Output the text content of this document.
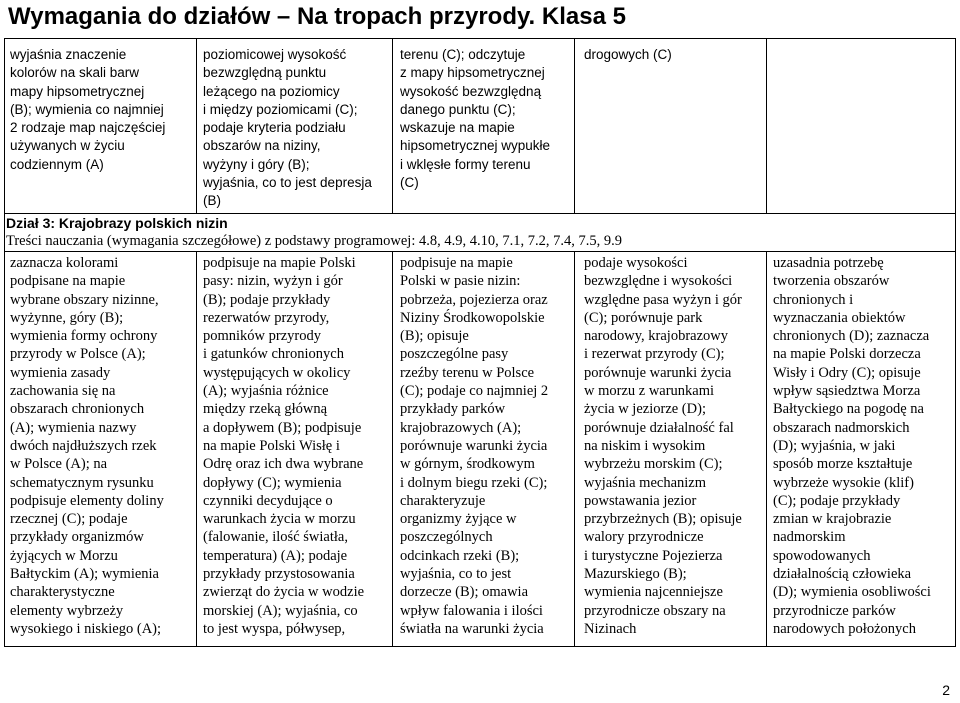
Wymagania do działów – Na tropach przyrody. Klasa 5
wyjaśnia znaczenie
kolorów na skali barw
mapy hipsometrycznej
(B); wymienia co najmniej
2 rodzaje map najczęściej
używanych w życiu
codziennym (A)
poziomicowej wysokość
bezwzględną punktu
leżącego na poziomicy
i między poziomicami (C);
podaje kryteria podziału
obszarów na niziny,
wyżyny i góry (B);
wyjaśnia, co to jest depresja
(B)
terenu (C); odczytuje
z mapy hipsometrycznej
wysokość bezwzględną
danego punktu (C);
wskazuje na mapie
hipsometrycznej wypukłe
i wklęsłe formy terenu
(C)
drogowych (C)
Dział 3: Krajobrazy polskich nizin
Treści nauczania (wymagania szczegółowe) z podstawy programowej: 4.8, 4.9, 4.10, 7.1, 7.2, 7.4, 7.5, 9.9
zaznacza kolorami
podpisane na mapie
wybrane obszary nizinne,
wyżynne, góry (B);
wymienia formy ochrony
przyrody w Polsce (A);
wymienia zasady
zachowania się na
obszarach chronionych
(A); wymienia nazwy
dwóch najdłuższych rzek
w Polsce (A); na
schematycznym rysunku
podpisuje elementy doliny
rzecznej (C); podaje
przykłady organizmów
żyjących w Morzu
Bałtyckim (A); wymienia
charakterystyczne
elementy wybrzeży
wysokiego i niskiego (A);
podpisuje na mapie Polski
pasy: nizin, wyżyn i gór
(B); podaje przykłady
rezerwatów przyrody,
pomników przyrody
i gatunków chronionych
występujących w okolicy
(A); wyjaśnia różnice
między rzeką główną
a dopływem (B); podpisuje
na mapie Polski Wisłę i
Odrę oraz ich dwa wybrane
dopływy (C); wymienia
czynniki decydujące o
warunkach życia w morzu
(falowanie, ilość światła,
temperatura) (A); podaje
przykłady przystosowania
zwierząt do życia w wodzie
morskiej (A); wyjaśnia, co
to jest wyspa, półwysep,
podpisuje na mapie
Polski w pasie nizin:
pobrzeża, pojezierza oraz
Niziny Środkowopolskie
(B); opisuje
poszczególne pasy
rzeźby terenu w Polsce
(C); podaje co najmniej 2
przykłady parków
krajobrazowych (A);
porównuje warunki życia
w górnym, środkowym
i dolnym biegu rzeki (C);
charakteryzuje
organizmy żyjące w
poszczególnych
odcinkach rzeki (B);
wyjaśnia, co to jest
dorzecze (B); omawia
wpływ falowania i ilości
światła na warunki życia
podaje wysokości
bezwzględne i wysokości
względne pasa wyżyn i gór
(C); porównuje park
narodowy, krajobrazowy
i rezerwat przyrody (C);
porównuje warunki życia
w morzu z warunkami
życia w jeziorze (D);
porównuje działalność fal
na niskim i wysokim
wybrzeżu morskim (C);
wyjaśnia mechanizm
powstawania jezior
przybrzeżnych (B); opisuje
walory przyrodnicze
i turystyczne Pojezierza
Mazurskiego (B);
wymienia najcenniejsze
przyrodnicze obszary na
Nizinach
uzasadnia potrzebę
tworzenia obszarów
chronionych i
wyznaczania obiektów
chronionych (D); zaznacza
na mapie Polski dorzecza
Wisły i Odry (C); opisuje
wpływ sąsiedztwa Morza
Bałtyckiego na pogodę na
obszarach nadmorskich
(D); wyjaśnia, w jaki
sposób morze kształtuje
wybrzeże wysokie (klif)
(C); podaje przykłady
zmian w krajobrazie
nadmorskim
spowodowanych
działalnością człowieka
(D); wymienia osobliwości
przyrodnicze parków
narodowych położonych
2
